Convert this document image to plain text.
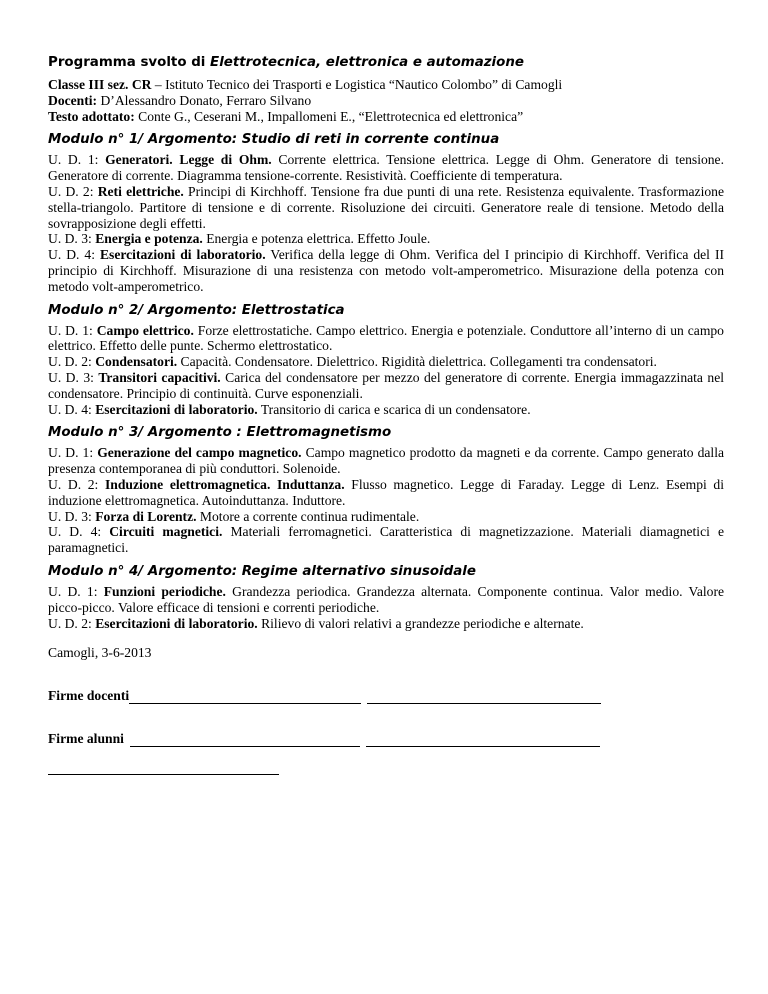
Programma svolto di Elettrotecnica, elettronica e automazione
Classe III sez. CR – Istituto Tecnico dei Trasporti e Logistica “Nautico Colombo” di Camogli
Docenti: D’Alessandro Donato, Ferraro Silvano
Testo adottato: Conte G., Ceserani M., Impallomeni E., “Elettrotecnica ed elettronica”
Modulo n° 1/ Argomento: Studio di reti in corrente continua
U. D. 1: Generatori. Legge di Ohm. Corrente elettrica. Tensione elettrica. Legge di Ohm. Generatore di tensione. Generatore di corrente. Diagramma tensione-corrente. Resistività. Coefficiente di temperatura.
U. D. 2: Reti elettriche. Principi di Kirchhoff. Tensione fra due punti di una rete. Resistenza equivalente. Trasformazione stella-triangolo. Partitore di tensione e di corrente. Risoluzione dei circuiti. Generatore reale di tensione. Metodo della sovrapposizione degli effetti.
U. D. 3: Energia e potenza. Energia e potenza elettrica. Effetto Joule.
U. D. 4: Esercitazioni di laboratorio. Verifica della legge di Ohm. Verifica del I principio di Kirchhoff. Verifica del II principio di Kirchhoff. Misurazione di una resistenza con metodo volt-amperometrico. Misurazione della potenza con metodo volt-amperometrico.
Modulo n° 2/ Argomento: Elettrostatica
U. D. 1: Campo elettrico. Forze elettrostatiche. Campo elettrico. Energia e potenziale. Conduttore all’interno di un campo elettrico. Effetto delle punte. Schermo elettrostatico.
U. D. 2: Condensatori. Capacità. Condensatore. Dielettrico. Rigidità dielettrica. Collegamenti tra condensatori.
U. D. 3: Transitori capacitivi. Carica del condensatore per mezzo del generatore di corrente. Energia immagazzinata nel condensatore. Principio di continuità. Curve esponenziali.
U. D. 4: Esercitazioni di laboratorio. Transitorio di carica e scarica di un condensatore.
Modulo n° 3/ Argomento : Elettromagnetismo
U. D. 1: Generazione del campo magnetico. Campo magnetico prodotto da magneti e da corrente. Campo generato dalla presenza contemporanea di più conduttori. Solenoide.
U. D. 2: Induzione elettromagnetica. Induttanza. Flusso magnetico. Legge di Faraday. Legge di Lenz. Esempi di induzione elettromagnetica. Autoinduttanza. Induttore.
U. D. 3: Forza di Lorentz. Motore a corrente continua rudimentale.
U. D. 4: Circuiti magnetici. Materiali ferromagnetici. Caratteristica di magnetizzazione. Materiali diamagnetici e paramagnetici.
Modulo n° 4/ Argomento: Regime alternativo sinusoidale
U. D. 1: Funzioni periodiche. Grandezza periodica. Grandezza alternata. Componente continua. Valor medio. Valore picco-picco. Valore efficace di tensioni e correnti periodiche.
U. D. 2: Esercitazioni di laboratorio. Rilievo di valori relativi a grandezze periodiche e alternate.
Camogli, 3-6-2013
Firme docenti
Firme alunni
